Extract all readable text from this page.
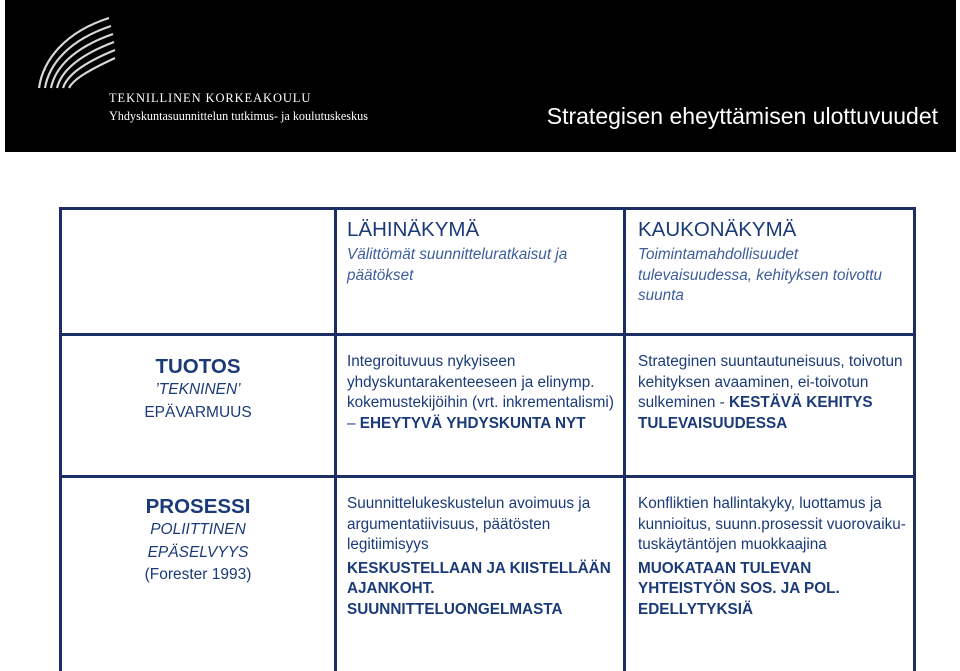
TEKNILLINEN KORKEAKOULU
Yhdyskuntasuunnittelun tutkimus- ja koulutuskeskus	Strategisen eheyttämisen ulottuvuudet
LÄHINÄKYMÄ
Välittömät suunnitteluratkaisut ja päätökset
KAUKONÄKYMÄ
Toimintamahdollisuudet tulevaisuudessa, kehityksen toivottu suunta
TUOTOS
’TEKNINEN’
EPÄVARMUUS
Integroituvuus nykyiseen yhdyskuntarakenteeseen ja elinymp. kokemustekijöihin (vrt. inkrementalismi) – EHEYTYVÄ YHDYSKUNTA NYT
Strateginen suuntautuneisuus, toivotun kehityksen avaaminen, ei-toivotun sulkeminen - KESTÄVÄ KEHITYS TULEVAISUUDESSA
PROSESSI
POLIITTINEN
EPÄSELVYYS
(Forester 1993)
Suunnittelukeskustelun avoimuus ja argumentatiivisuus, päätösten legitiimisyys
KESKUSTELLAAN JA KIISTELLÄÄN AJANKOHT. SUUNNITTELUONGELMASTA
Konfliktien hallintakyky, luottamus ja kunnioitus, suunn.prosessit vuorovaiku-tuskäytäntöjen muokkaajina
MUOKATAAN TULEVAN YHTEISTYÖN SOS. JA POL. EDELLYTYKSIÄ
